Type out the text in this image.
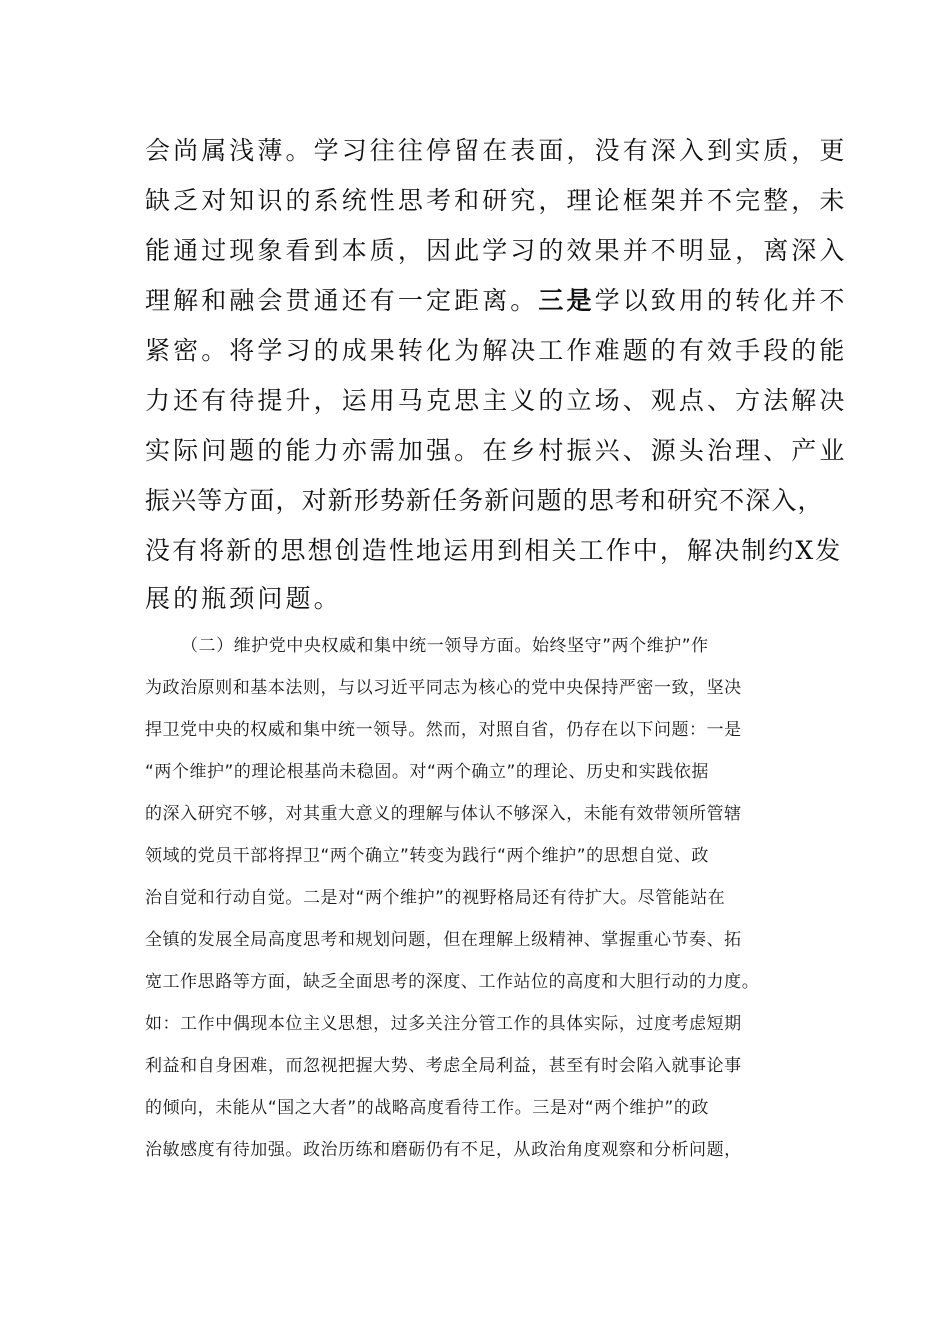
会尚属浅薄。学习往往停留在表面，没有深入到实质，更
缺乏对知识的系统性思考和研究，理论框架并不完整，未
能通过现象看到本质，因此学习的效果并不明显，离深入
理解和融会贯通还有一定距离。三是学以致用的转化并不
紧密。将学习的成果转化为解决工作难题的有效手段的能
力还有待提升，运用马克思主义的立场、观点、方法解决
实际问题的能力亦需加强。在乡村振兴、源头治理、产业
振兴等方面，对新形势新任务新问题的思考和研究不深入，
没有将新的思想创造性地运用到相关工作中，解决制约X发
展的瓶颈问题。
（二）维护党中央权威和集中统一领导方面。始终坚守”两个维护”作
为政治原则和基本法则，与以习近平同志为核心的党中央保持严密一致，坚决
捍卫党中央的权威和集中统一领导。然而，对照自省，仍存在以下问题：一是
“两个维护”的理论根基尚未稳固。对“两个确立”的理论、历史和实践依据
的深入研究不够，对其重大意义的理解与体认不够深入，未能有效带领所管辖
领域的党员干部将捍卫“两个确立”转变为践行“两个维护”的思想自觉、政
治自觉和行动自觉。二是对“两个维护”的视野格局还有待扩大。尽管能站在
全镇的发展全局高度思考和规划问题，但在理解上级精神、掌握重心节奏、拓
宽工作思路等方面，缺乏全面思考的深度、工作站位的高度和大胆行动的力度。
如：工作中偶现本位主义思想，过多关注分管工作的具体实际，过度考虑短期
利益和自身困难，而忽视把握大势、考虑全局利益，甚至有时会陷入就事论事
的倾向，未能从“国之大者”的战略高度看待工作。三是对“两个维护”的政
治敏感度有待加强。政治历练和磨砺仍有不足，从政治角度观察和分析问题，
